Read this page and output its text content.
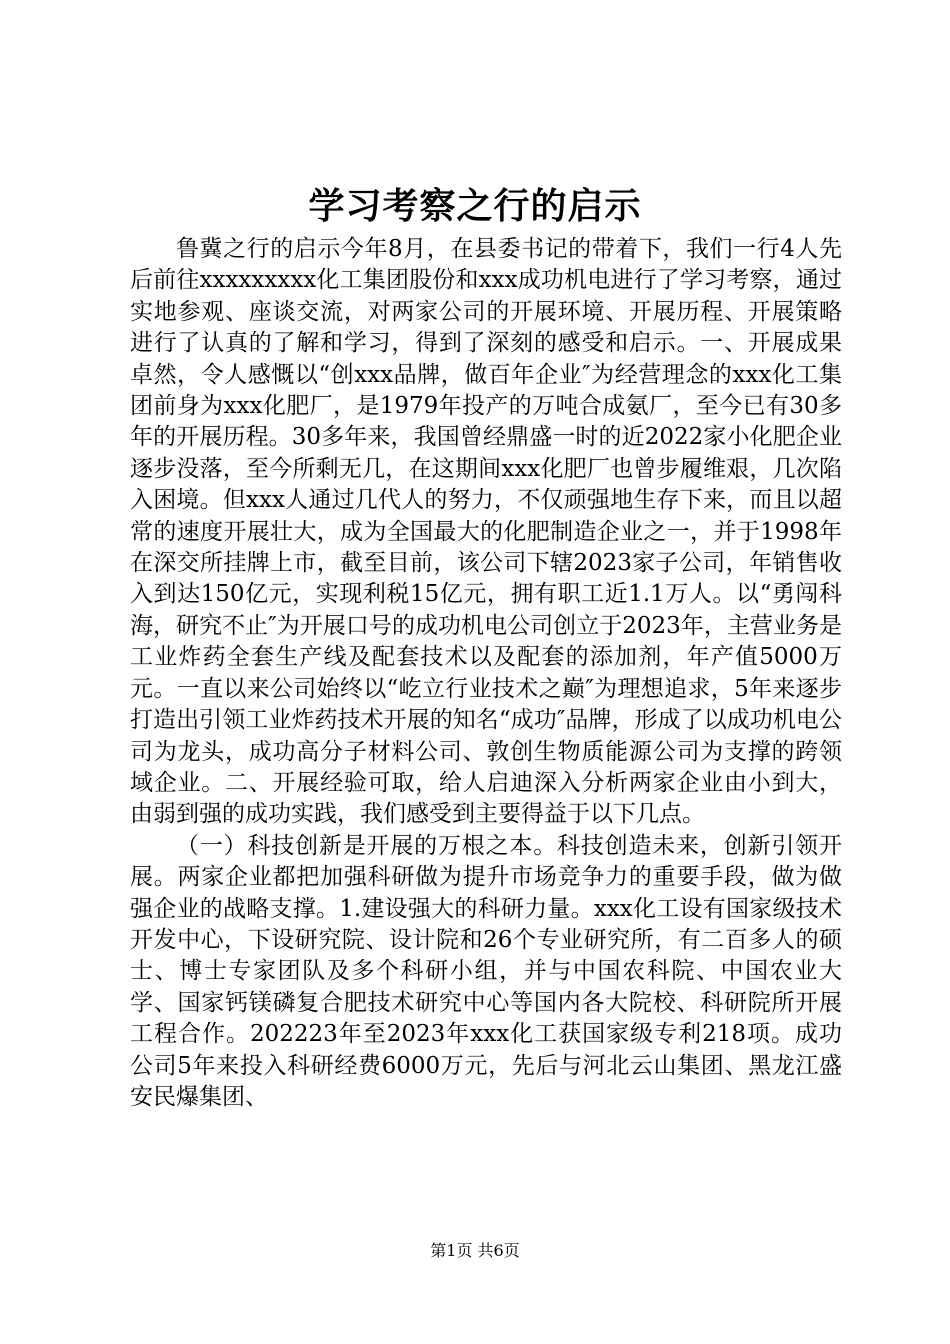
学习考察之行的启示

鲁冀之行的启示今年8月，在县委书记的带着下，我们一行4人先后前往xxxxxxxxx化工集团股份和xxx成功机电进行了学习考察，通过实地参观、座谈交流，对两家公司的开展环境、开展历程、开展策略进行了认真的了解和学习，得到了深刻的感受和启示。一、开展成果卓然，令人感慨以“创xxx品牌，做百年企业″为经营理念的xxx化工集团前身为xxx化肥厂，是1979年投产的万吨合成氨厂，至今已有30多年的开展历程。30多年来，我国曾经鼎盛一时的近2022家小化肥企业逐步没落，至今所剩无几，在这期间xxx化肥厂也曾步履维艰，几次陷入困境。但xxx人通过几代人的努力，不仅顽强地生存下来，而且以超常的速度开展壮大，成为全国最大的化肥制造企业之一，并于1998年在深交所挂牌上市，截至目前，该公司下辖2023家子公司，年销售收入到达150亿元，实现利税15亿元，拥有职工近1.1万人。以“勇闯科海，研究不止″为开展口号的成功机电公司创立于2023年，主营业务是工业炸药全套生产线及配套技术以及配套的添加剂，年产值5000万元。一直以来公司始终以“屹立行业技术之巅″为理想追求，5年来逐步打造出引领工业炸药技术开展的知名“成功″品牌，形成了以成功机电公司为龙头，成功高分子材料公司、敦创生物质能源公司为支撑的跨领域企业。二、开展经验可取，给人启迪深入分析两家企业由小到大，由弱到强的成功实践，我们感受到主要得益于以下几点。

（一）科技创新是开展的万根之本。科技创造未来，创新引领开展。两家企业都把加强科研做为提升市场竞争力的重要手段，做为做强企业的战略支撑。1.建设强大的科研力量。xxx化工设有国家级技术开发中心，下设研究院、设计院和26个专业研究所，有二百多人的硕士、博士专家团队及多个科研小组，并与中国农科院、中国农业大学、国家钙镁磷复合肥技术研究中心等国内各大院校、科研院所开展工程合作。202223年至2023年xxx化工获国家级专利218项。成功公司5年来投入科研经费6000万元，先后与河北云山集团、黑龙江盛安民爆集团、

第1页 共6页
